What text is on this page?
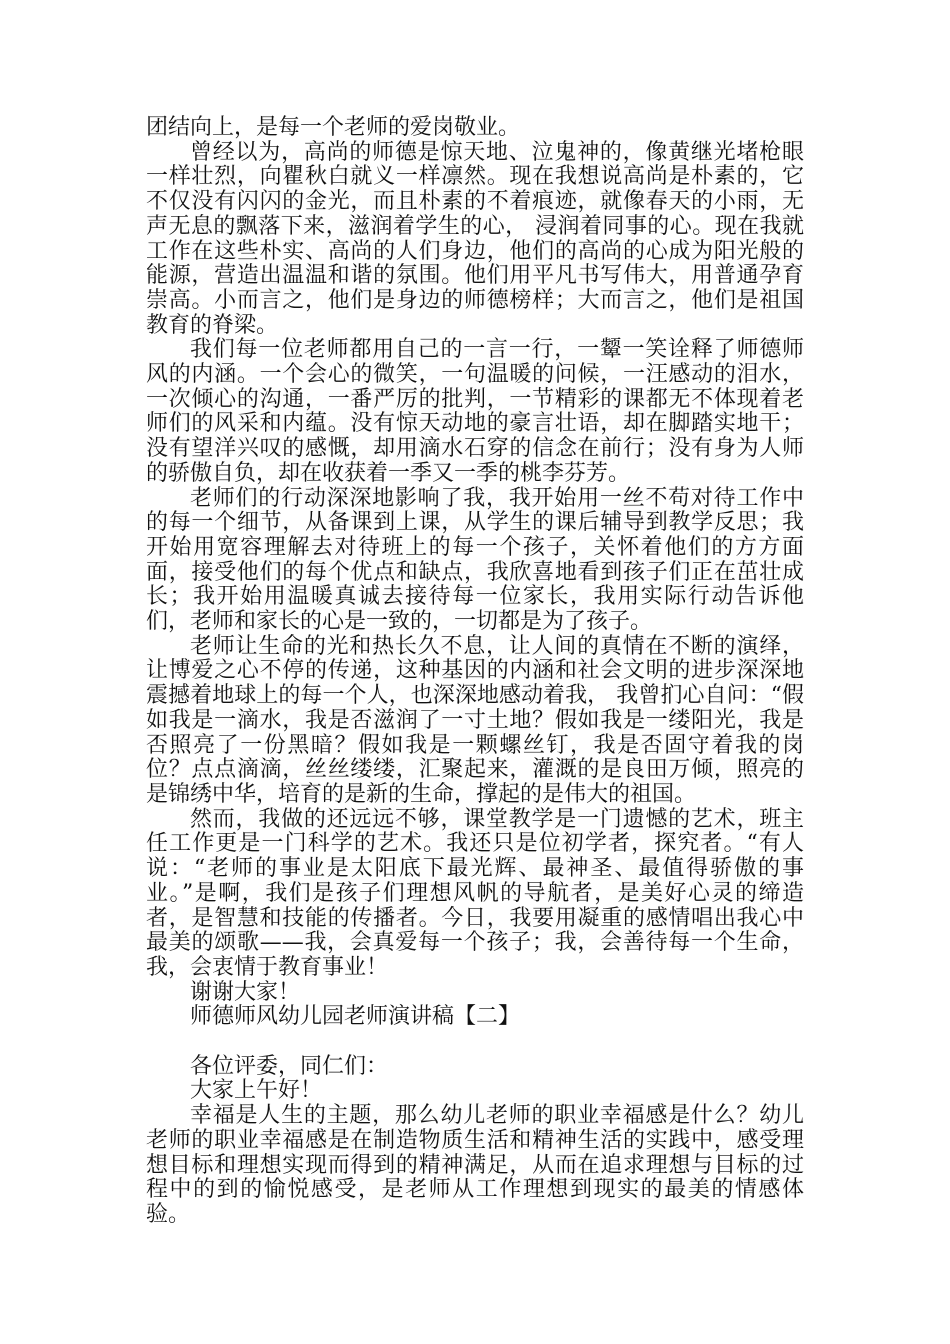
团结向上，是每一个老师的爱岗敬业。

曾经以为，高尚的师德是惊天地、泣鬼神的，像黄继光堵枪眼一样壮烈，向瞿秋白就义一样凛然。现在我想说高尚是朴素的，它不仅没有闪闪的金光，而且朴素的不着痕迹，就像春天的小雨，无声无息的飘落下来，滋润着学生的心， 浸润着同事的心。现在我就工作在这些朴实、高尚的人们身边，他们的高尚的心成为阳光般的能源，营造出温温和谐的氛围。他们用平凡书写伟大，用普通孕育崇高。小而言之，他们是身边的师德榜样；大而言之，他们是祖国教育的脊梁。

我们每一位老师都用自己的一言一行，一颦一笑诠释了师德师风的内涵。一个会心的微笑，一句温暖的问候，一汪感动的泪水，一次倾心的沟通，一番严厉的批判，一节精彩的课都无不体现着老师们的风采和内蕴。没有惊天动地的豪言壮语，却在脚踏实地干；没有望洋兴叹的感慨，却用滴水石穿的信念在前行；没有身为人师的骄傲自负，却在收获着一季又一季的桃李芬芳。

老师们的行动深深地影响了我，我开始用一丝不苟对待工作中的每一个细节，从备课到上课，从学生的课后辅导到教学反思；我开始用宽容理解去对待班上的每一个孩子，关怀着他们的方方面面，接受他们的每个优点和缺点，我欣喜地看到孩子们正在茁壮成长；我开始用温暖真诚去接待每一位家长，我用实际行动告诉他们，老师和家长的心是一致的，一切都是为了孩子。

老师让生命的光和热长久不息，让人间的真情在不断的演绎，让博爱之心不停的传递，这种基因的内涵和社会文明的进步深深地震撼着地球上的每一个人，也深深地感动着我， 我曾扪心自问：“假如我是一滴水，我是否滋润了一寸土地？假如我是一缕阳光，我是否照亮了一份黑暗？假如我是一颗螺丝钉，我是否固守着我的岗位？点点滴滴，丝丝缕缕，汇聚起来，灌溉的是良田万倾，照亮的是锦绣中华，培育的是新的生命，撑起的是伟大的祖国。

然而，我做的还远远不够，课堂教学是一门遗憾的艺术，班主任工作更是一门科学的艺术。我还只是位初学者，探究者。“有人说：“老师的事业是太阳底下最光辉、最神圣、最值得骄傲的事业。”是啊，我们是孩子们理想风帆的导航者，是美好心灵的缔造者，是智慧和技能的传播者。今日，我要用凝重的感情唱出我心中最美的颂歌——我，会真爱每一个孩子；我，会善待每一个生命，我，会衷情于教育事业！

谢谢大家！

师德师风幼儿园老师演讲稿【二】

各位评委，同仁们：

大家上午好！

幸福是人生的主题，那么幼儿老师的职业幸福感是什么？幼儿老师的职业幸福感是在制造物质生活和精神生活的实践中，感受理想目标和理想实现而得到的精神满足，从而在追求理想与目标的过程中的到的愉悦感受，是老师从工作理想到现实的最美的情感体验。
